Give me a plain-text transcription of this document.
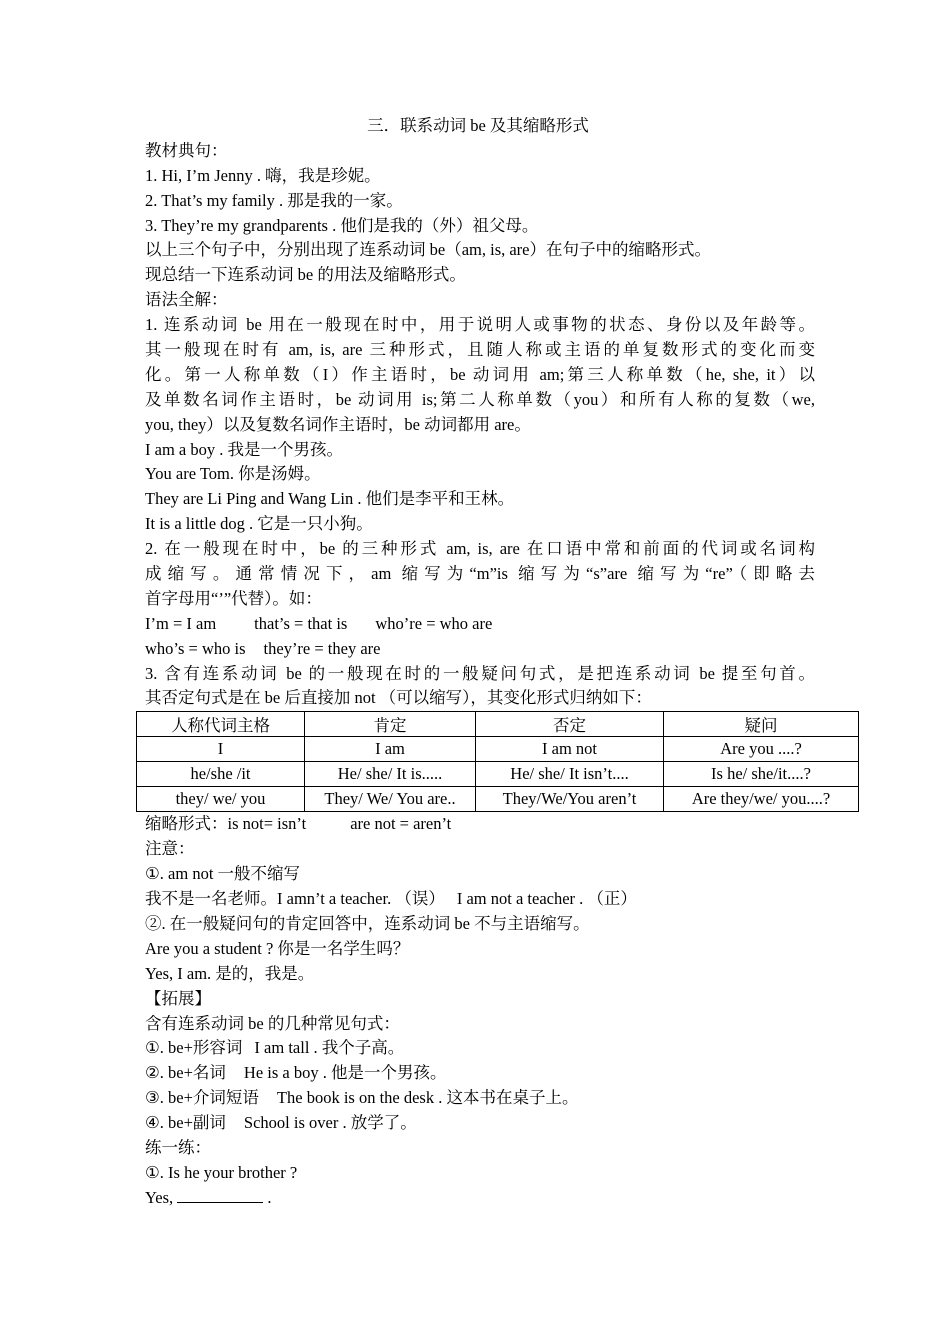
三．联系动词 be 及其缩略形式
教材典句：
1. Hi, I’m Jenny . 嗨，我是珍妮。
2. That’s my family . 那是我的一家。
3. They’re my grandparents . 他们是我的（外）祖父母。
以上三个句子中，分别出现了连系动词 be（am, is, are）在句子中的缩略形式。
现总结一下连系动词 be 的用法及缩略形式。
语法全解：
1. 连系动词 be 用在一般现在时中，用于说明人或事物的状态、身份以及年龄等。
其一般现在时有 am, is, are 三种形式，且随人称或主语的单复数形式的变化而变
化。第一人称单数（I）作主语时，be 动词用 am;第三人称单数（he, she, it）以
及单数名词作主语时，be 动词用 is;第二人称单数（you）和所有人称的复数（we,
you, they）以及复数名词作主语时，be 动词都用 are。
I am a boy . 我是一个男孩。
You are Tom. 你是汤姆。
They are Li Ping and Wang Lin . 他们是李平和王林。
It is a little dog . 它是一只小狗。
2. 在一般现在时中，be 的三种形式 am, is, are 在口语中常和前面的代词或名词构
成缩写。通常情况下，am 缩写为“m”is 缩写为“s”are 缩写为“re”（即略去
首字母用“’”代替）。如：
I’m = I am that’s = that is who’re = who are
who’s = who is they’re = they are
3. 含有连系动词 be 的一般现在时的一般疑问句式，是把连系动词 be 提至句首。
其否定句式是在 be 后直接加 not （可以缩写），其变化形式归纳如下：
人称代词主格	肯定	否定	疑问
I	I am	I am not	Are you ....?
he/she /it	He/ she/ It is.....	He/ she/ It isn’t....	Is he/ she/it....?
they/ we/ you	They/ We/ You are..	They/We/You aren’t	Are they/we/ you....?
缩略形式：is not= isn’t	are not = aren’t
注意：
①. am not 一般不缩写
我不是一名老师。I amn’t a teacher. （误） I am not a teacher . （正）
②. 在一般疑问句的肯定回答中，连系动词 be 不与主语缩写。
Are you a student ? 你是一名学生吗？
Yes, I am. 是的，我是。
【拓展】
含有连系动词 be 的几种常见句式：
①. be+形容词 I am tall . 我个子高。
②. be+名词 He is a boy . 他是一个男孩。
③. be+介词短语 The book is on the desk . 这本书在桌子上。
④. be+副词 School is over . 放学了。
练一练：
①. Is he your brother ?
Yes,	.
